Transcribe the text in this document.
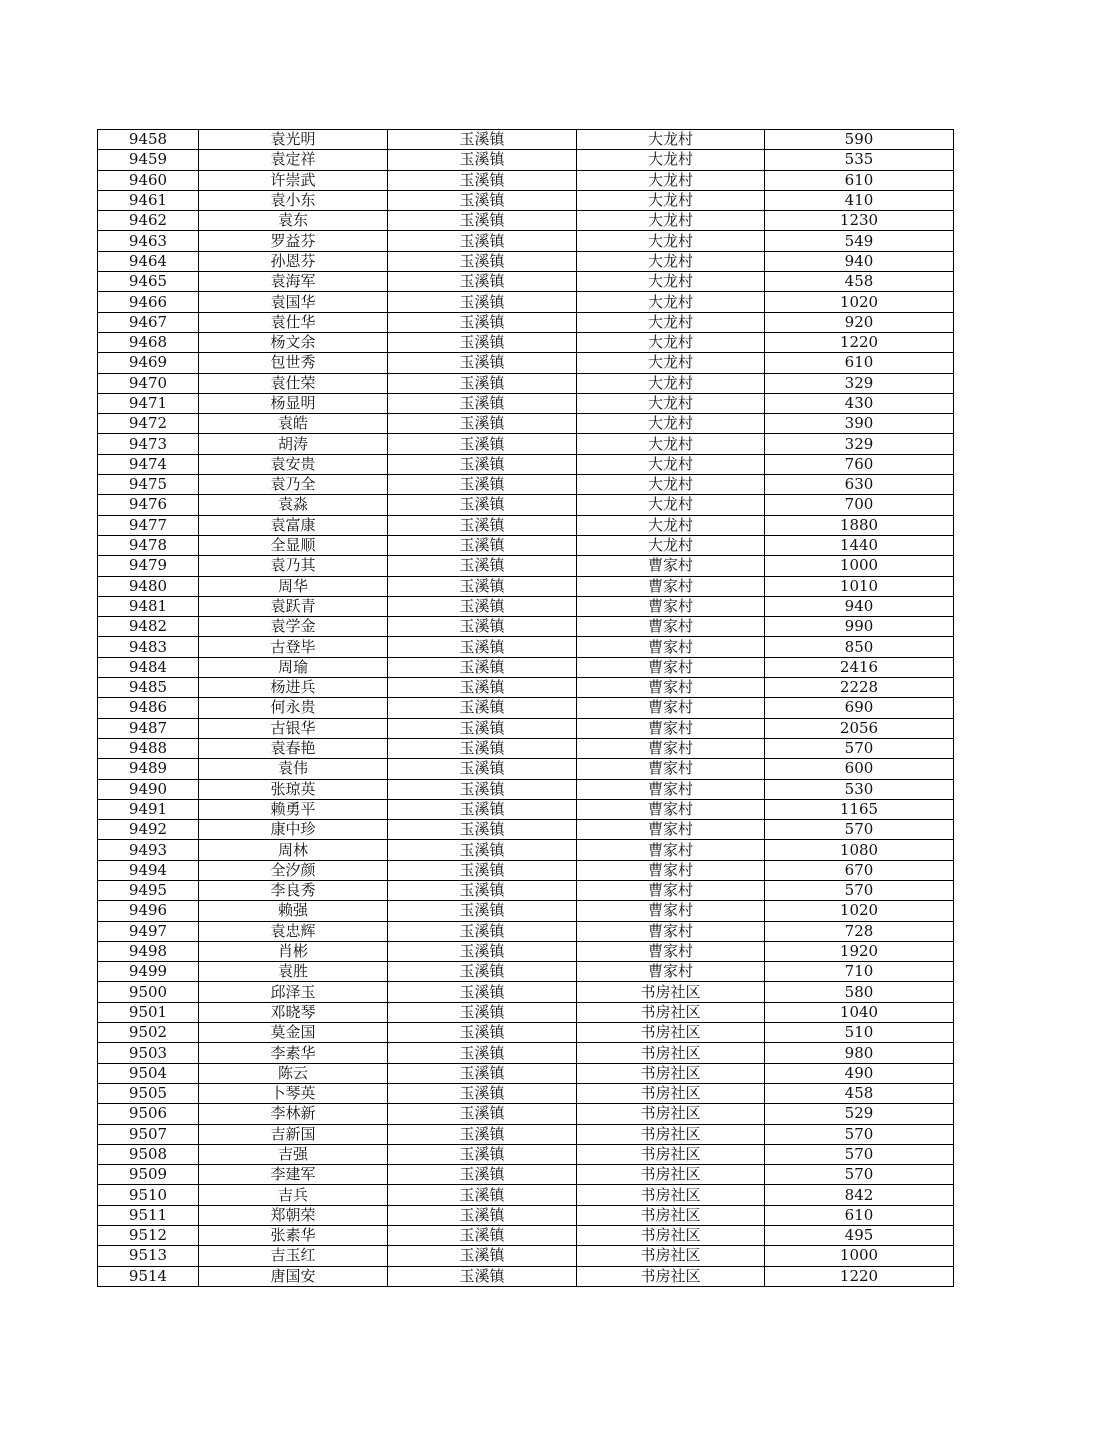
9458	袁光明	玉溪镇	大龙村	590
9459	袁定祥	玉溪镇	大龙村	535
9460	许崇武	玉溪镇	大龙村	610
9461	袁小东	玉溪镇	大龙村	410
9462	袁东	玉溪镇	大龙村	1230
9463	罗益芬	玉溪镇	大龙村	549
9464	孙恩芬	玉溪镇	大龙村	940
9465	袁海军	玉溪镇	大龙村	458
9466	袁国华	玉溪镇	大龙村	1020
9467	袁仕华	玉溪镇	大龙村	920
9468	杨文余	玉溪镇	大龙村	1220
9469	包世秀	玉溪镇	大龙村	610
9470	袁仕荣	玉溪镇	大龙村	329
9471	杨显明	玉溪镇	大龙村	430
9472	袁皓	玉溪镇	大龙村	390
9473	胡涛	玉溪镇	大龙村	329
9474	袁安贵	玉溪镇	大龙村	760
9475	袁乃全	玉溪镇	大龙村	630
9476	袁淼	玉溪镇	大龙村	700
9477	袁富康	玉溪镇	大龙村	1880
9478	全显顺	玉溪镇	大龙村	1440
9479	袁乃其	玉溪镇	曹家村	1000
9480	周华	玉溪镇	曹家村	1010
9481	袁跃青	玉溪镇	曹家村	940
9482	袁学金	玉溪镇	曹家村	990
9483	古登毕	玉溪镇	曹家村	850
9484	周瑜	玉溪镇	曹家村	2416
9485	杨进兵	玉溪镇	曹家村	2228
9486	何永贵	玉溪镇	曹家村	690
9487	古银华	玉溪镇	曹家村	2056
9488	袁春艳	玉溪镇	曹家村	570
9489	袁伟	玉溪镇	曹家村	600
9490	张琼英	玉溪镇	曹家村	530
9491	赖勇平	玉溪镇	曹家村	1165
9492	康中珍	玉溪镇	曹家村	570
9493	周林	玉溪镇	曹家村	1080
9494	全汐颜	玉溪镇	曹家村	670
9495	李良秀	玉溪镇	曹家村	570
9496	赖强	玉溪镇	曹家村	1020
9497	袁忠辉	玉溪镇	曹家村	728
9498	肖彬	玉溪镇	曹家村	1920
9499	袁胜	玉溪镇	曹家村	710
9500	邱泽玉	玉溪镇	书房社区	580
9501	邓晓琴	玉溪镇	书房社区	1040
9502	莫金国	玉溪镇	书房社区	510
9503	李素华	玉溪镇	书房社区	980
9504	陈云	玉溪镇	书房社区	490
9505	卜琴英	玉溪镇	书房社区	458
9506	李林新	玉溪镇	书房社区	529
9507	吉新国	玉溪镇	书房社区	570
9508	吉强	玉溪镇	书房社区	570
9509	李建军	玉溪镇	书房社区	570
9510	吉兵	玉溪镇	书房社区	842
9511	郑朝荣	玉溪镇	书房社区	610
9512	张素华	玉溪镇	书房社区	495
9513	吉玉红	玉溪镇	书房社区	1000
9514	唐国安	玉溪镇	书房社区	1220
